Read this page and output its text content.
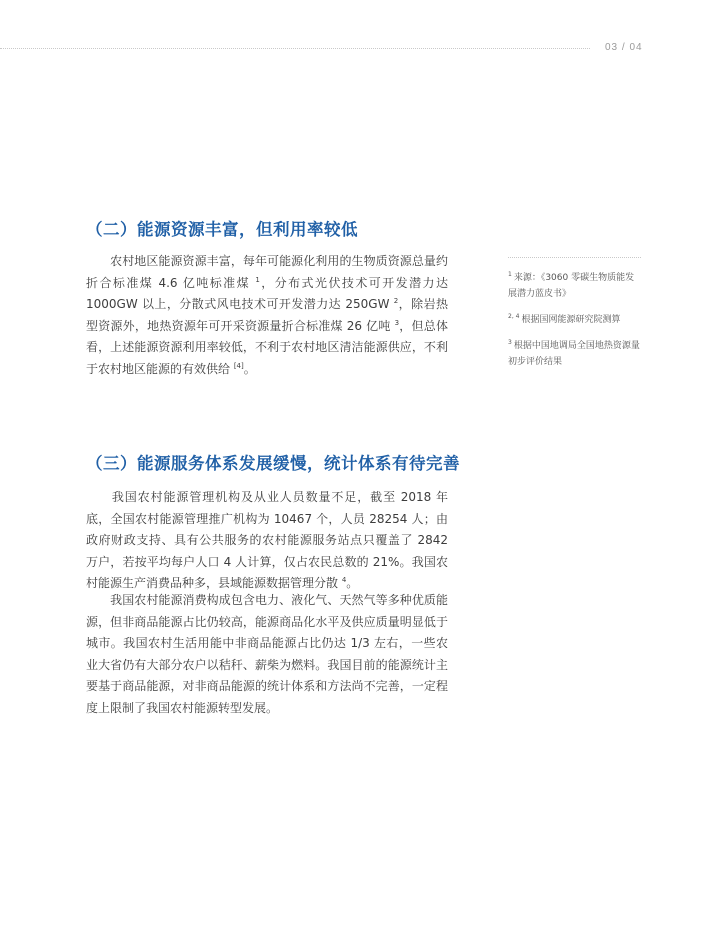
03 / 04
（二）能源资源丰富，但利用率较低

　　农村地区能源资源丰富，每年可能源化利用的生物质资源总量约折合标准煤 4.6 亿吨标准煤 $^1$，分布式光伏技术可开发潜力达 1000GW 以上，分散式风电技术可开发潜力达 250GW $^2$，除岩热型资源外，地热资源年可开采资源量折合标准煤 26 亿吨 $^3$，但总体看，上述能源资源利用率较低，不利于农村地区清洁能源供应，不利于农村地区能源的有效供给 [4]。

（三）能源服务体系发展缓慢，统计体系有待完善

　　我国农村能源管理机构及从业人员数量不足，截至 2018 年底，全国农村能源管理推广机构为 10467 个，人员 28254 人；由政府财政支持、具有公共服务的农村能源服务站点只覆盖了 2842 万户，若按平均每户人口 4 人计算，仅占农民总数的 21%。我国农村能源生产消费品种多，县域能源数据管理分散 $^4$。

　　我国农村能源消费构成包含电力、液化气、天然气等多种优质能源，但非商品能源占比仍较高，能源商品化水平及供应质量明显低于城市。我国农村生活用能中非商品能源占比仍达 1/3 左右，一些农业大省仍有大部分农户以秸秆、薪柴为燃料。我国目前的能源统计主要基于商品能源，对非商品能源的统计体系和方法尚不完善，一定程度上限制了我国农村能源转型发展。

$^1$ 来源：《3060 零碳生物质能发展潜力蓝皮书》

$^{2, 4}$ 根据国网能源研究院测算

$^3$ 根据中国地调局全国地热资源量初步评价结果
